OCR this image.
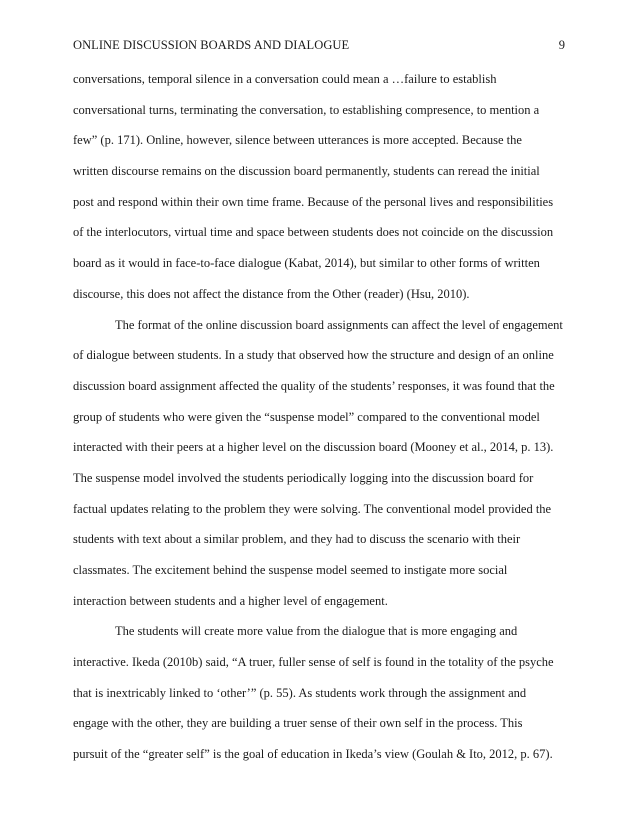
ONLINE DISCUSSION BOARDS AND DIALOGUE	9
conversations, temporal silence in a conversation could mean a …failure to establish
conversational turns, terminating the conversation, to establishing compresence, to mention a
few” (p. 171). Online, however, silence between utterances is more accepted. Because the
written discourse remains on the discussion board permanently, students can reread the initial
post and respond within their own time frame. Because of the personal lives and responsibilities
of the interlocutors, virtual time and space between students does not coincide on the discussion
board as it would in face-to-face dialogue (Kabat, 2014), but similar to other forms of written
discourse, this does not affect the distance from the Other (reader) (Hsu, 2010).
The format of the online discussion board assignments can affect the level of engagement
of dialogue between students. In a study that observed how the structure and design of an online
discussion board assignment affected the quality of the students’ responses, it was found that the
group of students who were given the “suspense model” compared to the conventional model
interacted with their peers at a higher level on the discussion board (Mooney et al., 2014, p. 13).
The suspense model involved the students periodically logging into the discussion board for
factual updates relating to the problem they were solving. The conventional model provided the
students with text about a similar problem, and they had to discuss the scenario with their
classmates. The excitement behind the suspense model seemed to instigate more social
interaction between students and a higher level of engagement.
The students will create more value from the dialogue that is more engaging and
interactive. Ikeda (2010b) said, “A truer, fuller sense of self is found in the totality of the psyche
that is inextricably linked to ‘other’” (p. 55). As students work through the assignment and
engage with the other, they are building a truer sense of their own self in the process. This
pursuit of the “greater self” is the goal of education in Ikeda’s view (Goulah & Ito, 2012, p. 67).
